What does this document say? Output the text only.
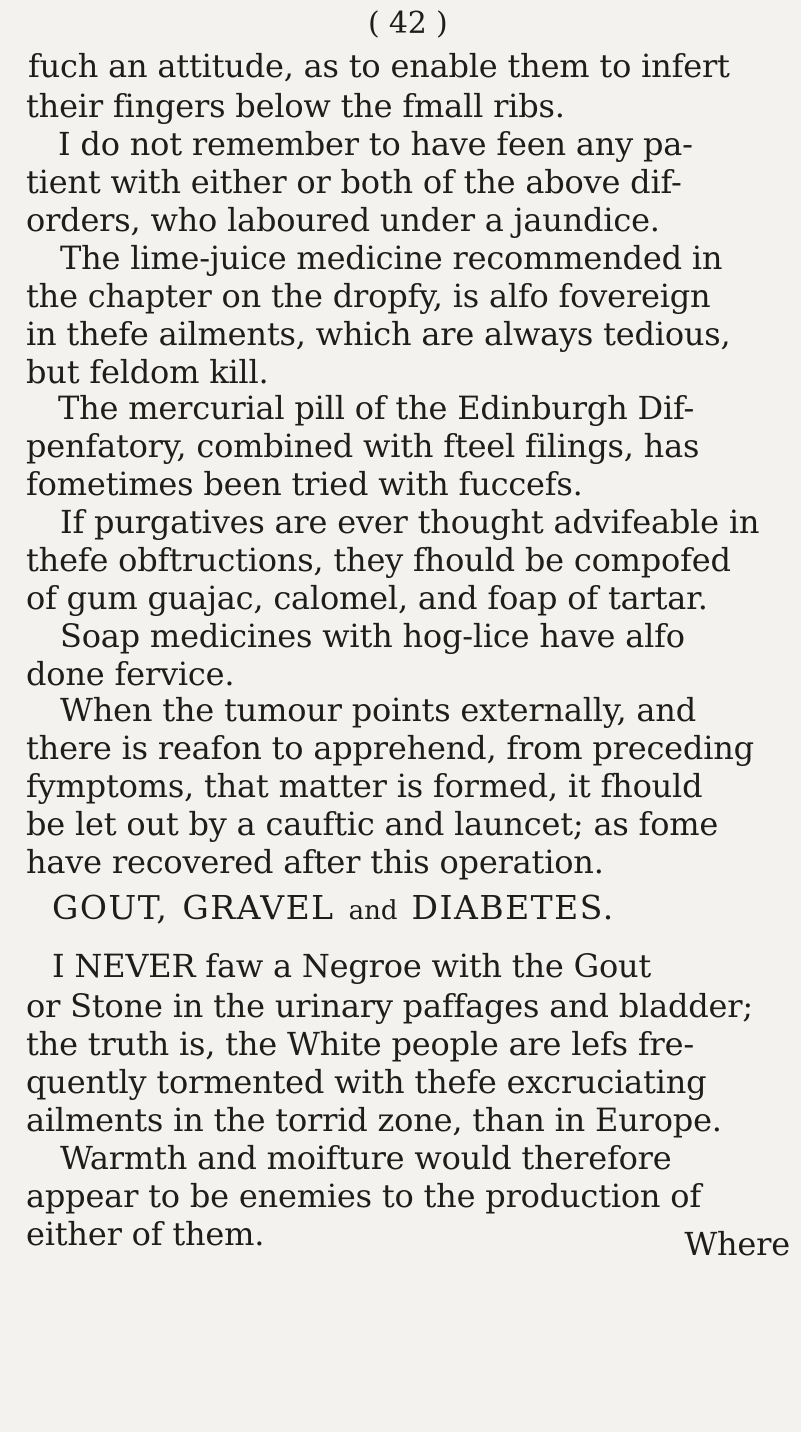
( 42 )
fuch an attitude, as to enable them to infert
their fingers below the fmall ribs.
I do not remember to have feen any pa-
tient with either or both of the above dif-
orders, who laboured under a jaundice.
The lime-juice medicine recommended in
the chapter on the dropfy, is alfo fovereign
in thefe ailments, which are always tedious,
but feldom kill.
The mercurial pill of the Edinburgh Dif-
penfatory, combined with fteel filings, has
fometimes been tried with fuccefs.
If purgatives are ever thought advifeable in
thefe obftructions, they fhould be compofed
of gum guajac, calomel, and foap of tartar.
Soap medicines with hog-lice have alfo
done fervice.
When the tumour points externally, and
there is reafon to apprehend, from preceding
fymptoms, that matter is formed, it fhould
be let out by a cauftic and launcet; as fome
have recovered after this operation.
GOUT, GRAVEL and DIABETES.
I NEVER faw a Negroe with the Gout
or Stone in the urinary paffages and bladder;
the truth is, the White people are lefs fre-
quently tormented with thefe excruciating
ailments in the torrid zone, than in Europe.
Warmth and moifture would therefore
appear to be enemies to the production of
either of them.	Where
